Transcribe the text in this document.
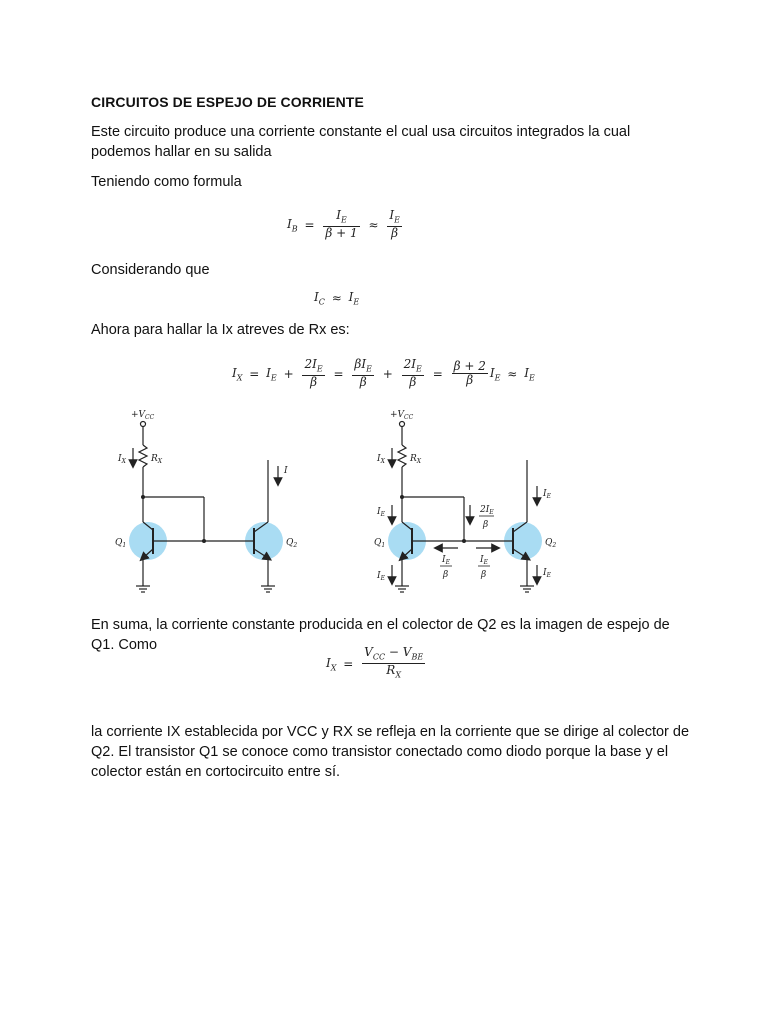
CIRCUITOS DE ESPEJO DE CORRIENTE
Este circuito produce una corriente constante el cual usa circuitos integrados la cual podemos hallar en su salida
Teniendo como formula
$I_B = \frac{I_E}{\beta + 1} \approx \frac{I_E}{\beta}$
Considerando que
$I_C \approx I_E$
Ahora para hallar la Ix atreves de Rx es:
$I_X = I_E + \frac{2I_E}{\beta} = \frac{\beta I_E}{\beta} + \frac{2I_E}{\beta} = \frac{\beta + 2}{\beta} I_E \approx I_E$
$+V_{CC}$
$I_X$	$R_X$
I
$Q_1$	$Q_2$
$+V_{CC}$
$I_X$	$R_X$
$I_E$
$I_E$
$I_E$
$I_E$
$2I_E$
β
$I_E$
β
$I_E$
β
$Q_1$	$Q_2$
En suma, la corriente constante producida en el colector de Q2 es la imagen de espejo de Q1. Como
$I_X = \frac{V_{CC} - V_{BE}}{R_X}$
la corriente IX establecida por VCC y RX se refleja en la corriente que se dirige al colector de Q2. El transistor Q1 se conoce como transistor conectado como diodo porque la base y el colector están en cortocircuito entre sí.
